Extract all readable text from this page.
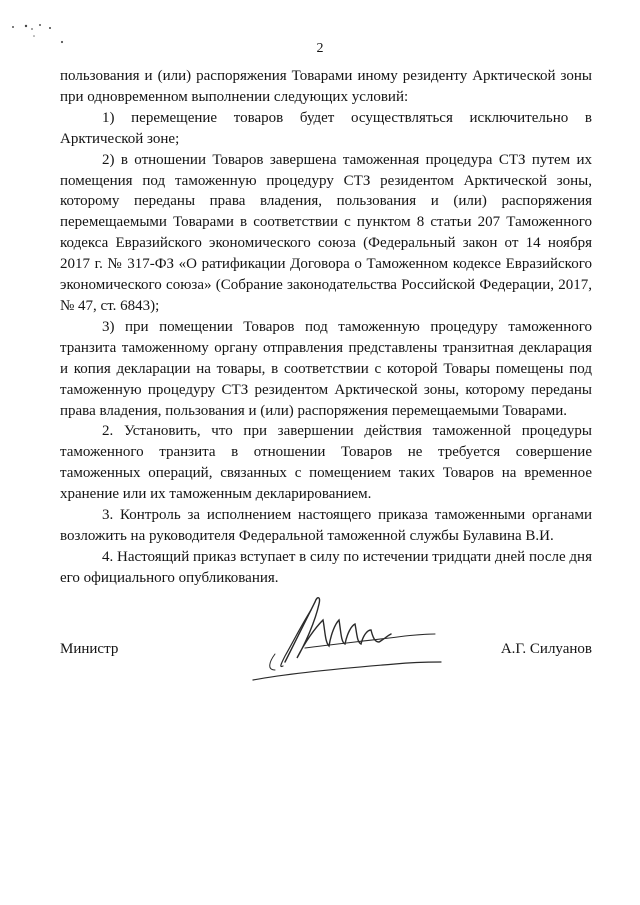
2

пользования и (или) распоряжения Товарами иному резиденту Арктической зоны при одновременном выполнении следующих условий:

1) перемещение товаров будет осуществляться исключительно в Арктической зоне;

2) в отношении Товаров завершена таможенная процедура СТЗ путем их помещения под таможенную процедуру СТЗ резидентом Арктической зоны, которому переданы права владения, пользования и (или) распоряжения перемещаемыми Товарами в соответствии с пунктом 8 статьи 207 Таможенного кодекса Евразийского экономического союза (Федеральный закон от 14 ноября 2017 г. № 317-ФЗ «О ратификации Договора о Таможенном кодексе Евразийского экономического союза» (Собрание законодательства Российской Федерации, 2017, № 47, ст. 6843);

3) при помещении Товаров под таможенную процедуру таможенного транзита таможенному органу отправления представлены транзитная декларация и копия декларации на товары, в соответствии с которой Товары помещены под таможенную процедуру СТЗ резидентом Арктической зоны, которому переданы права владения, пользования и (или) распоряжения перемещаемыми Товарами.

2. Установить, что при завершении действия таможенной процедуры таможенного транзита в отношении Товаров не требуется совершение таможенных операций, связанных с помещением таких Товаров на временное хранение или их таможенным декларированием.

3. Контроль за исполнением настоящего приказа таможенными органами возложить на руководителя Федеральной таможенной службы Булавина В.И.

4. Настоящий приказ вступает в силу по истечении тридцати дней после дня его официального опубликования.

Министр	А.Г. Силуанов
